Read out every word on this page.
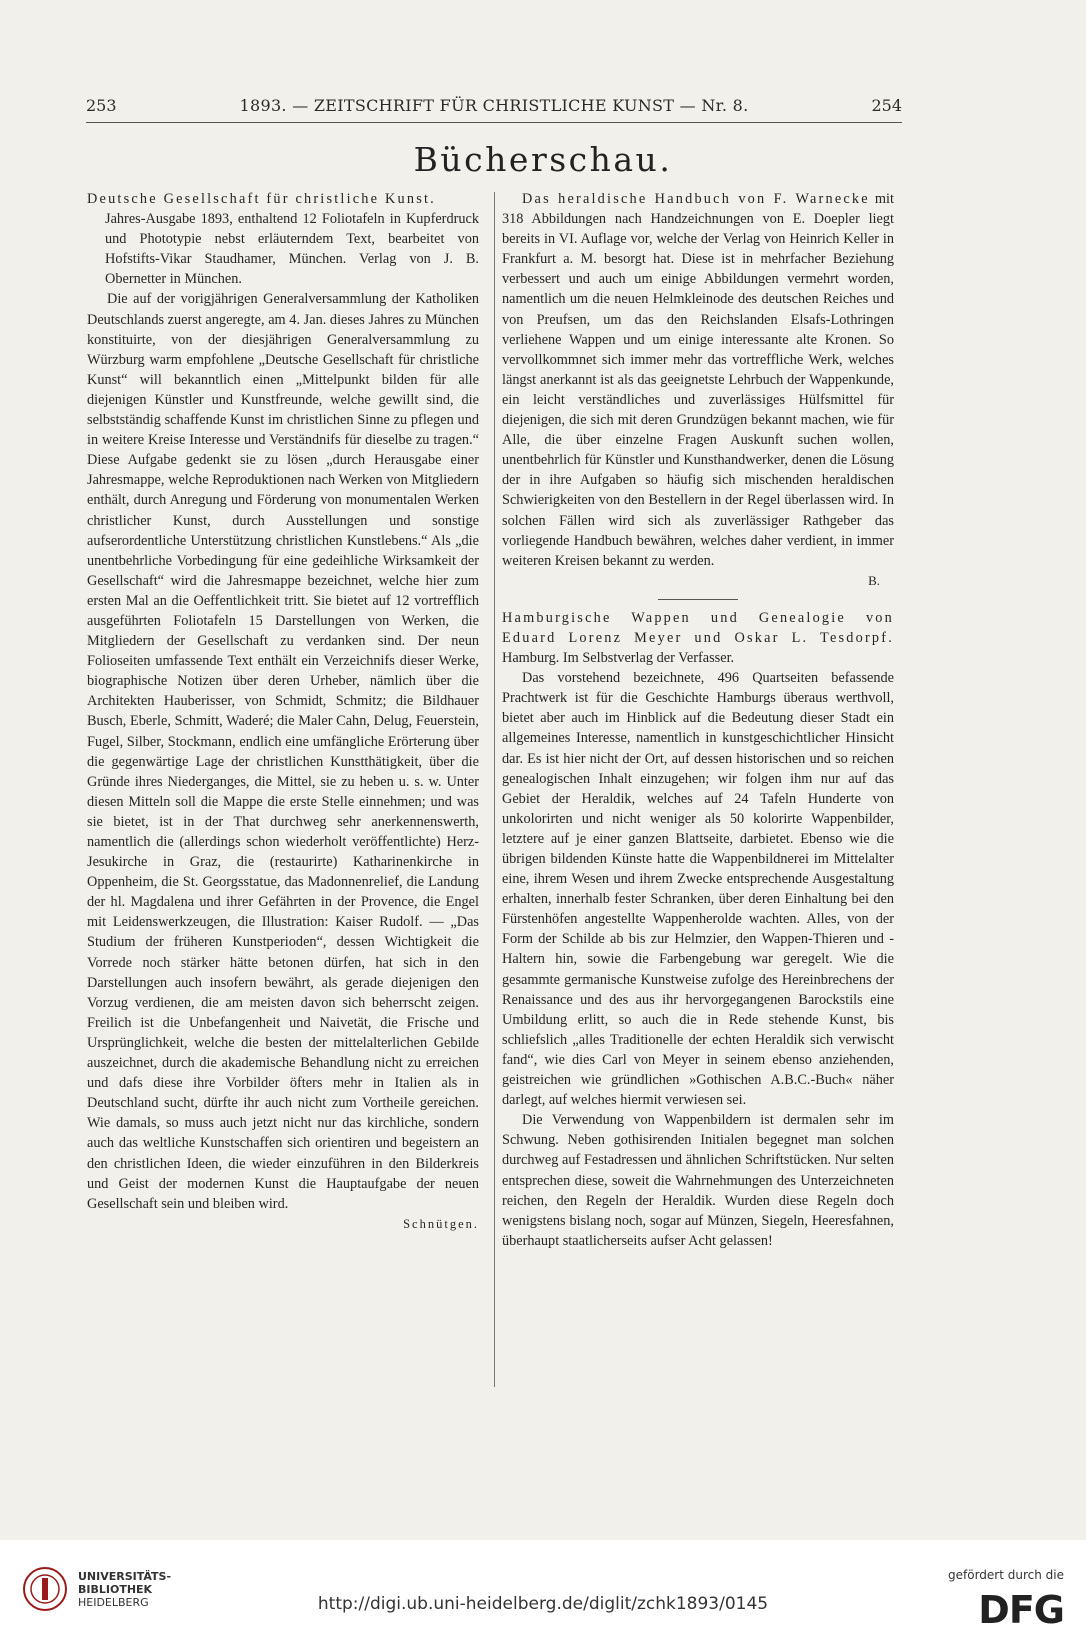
253	1893. — ZEITSCHRIFT FÜR CHRISTLICHE KUNST — Nr. 8.	254
Bücherschau.

Deutsche Gesellschaft für christliche Kunst.

Jahres-Ausgabe 1893, enthaltend 12 Foliotafeln in Kupferdruck und Phototypie nebst erläuterndem Text, bearbeitet von Hofstifts-Vikar Staudhamer, München. Verlag von J. B. Obernetter in München.

Die auf der vorigjährigen Generalversammlung der Katholiken Deutschlands zuerst angeregte, am 4. Jan. dieses Jahres zu München konstituirte, von der diesjährigen Generalversammlung zu Würzburg warm empfohlene „Deutsche Gesellschaft für christliche Kunst“ will bekanntlich einen „Mittelpunkt bilden für alle diejenigen Künstler und Kunstfreunde, welche gewillt sind, die selbstständig schaffende Kunst im christlichen Sinne zu pflegen und in weitere Kreise Interesse und Verständnifs für dieselbe zu tragen.“ Diese Aufgabe gedenkt sie zu lösen „durch Herausgabe einer Jahresmappe, welche Reproduktionen nach Werken von Mitgliedern enthält, durch Anregung und Förderung von monumentalen Werken christlicher Kunst, durch Ausstellungen und sonstige aufserordentliche Unterstützung christlichen Kunstlebens.“ Als „die unentbehrliche Vorbedingung für eine gedeihliche Wirksamkeit der Gesellschaft“ wird die Jahresmappe bezeichnet, welche hier zum ersten Mal an die Oeffentlichkeit tritt. Sie bietet auf 12 vortrefflich ausgeführten Foliotafeln 15 Darstellungen von Werken, die Mitgliedern der Gesellschaft zu verdanken sind. Der neun Folioseiten umfassende Text enthält ein Verzeichnifs dieser Werke, biographische Notizen über deren Urheber, nämlich über die Architekten Hauberisser, von Schmidt, Schmitz; die Bildhauer Busch, Eberle, Schmitt, Waderé; die Maler Cahn, Delug, Feuerstein, Fugel, Silber, Stockmann, endlich eine umfängliche Erörterung über die gegenwärtige Lage der christlichen Kunstthätigkeit, über die Gründe ihres Niederganges, die Mittel, sie zu heben u. s. w. Unter diesen Mitteln soll die Mappe die erste Stelle einnehmen; und was sie bietet, ist in der That durchweg sehr anerkennenswerth, namentlich die (allerdings schon wiederholt veröffentlichte) Herz-Jesukirche in Graz, die (restaurirte) Katharinenkirche in Oppenheim, die St. Georgsstatue, das Madonnenrelief, die Landung der hl. Magdalena und ihrer Gefährten in der Provence, die Engel mit Leidenswerkzeugen, die Illustration: Kaiser Rudolf. — „Das Studium der früheren Kunstperioden“, dessen Wichtigkeit die Vorrede noch stärker hätte betonen dürfen, hat sich in den Darstellungen auch insofern bewährt, als gerade diejenigen den Vorzug verdienen, die am meisten davon sich beherrscht zeigen. Freilich ist die Unbefangenheit und Naivetät, die Frische und Ursprünglichkeit, welche die besten der mittelalterlichen Gebilde auszeichnet, durch die akademische Behandlung nicht zu erreichen und dafs diese ihre Vorbilder öfters mehr in Italien als in Deutschland sucht, dürfte ihr auch nicht zum Vortheile gereichen. Wie damals, so muss auch jetzt nicht nur das kirchliche, sondern auch das weltliche Kunstschaffen sich orientiren und begeistern an den christlichen Ideen, die wieder einzuführen in den Bilderkreis und Geist der modernen Kunst die Hauptaufgabe der neuen Gesellschaft sein und bleiben wird.

Schnütgen.

Das heraldische Handbuch von F. Warnecke mit 318 Abbildungen nach Handzeichnungen von E. Doepler liegt bereits in VI. Auflage vor, welche der Verlag von Heinrich Keller in Frankfurt a. M. besorgt hat. Diese ist in mehrfacher Beziehung verbessert und auch um einige Abbildungen vermehrt worden, namentlich um die neuen Helmkleinode des deutschen Reiches und von Preufsen, um das den Reichslanden Elsafs-Lothringen verliehene Wappen und um einige interessante alte Kronen. So vervollkommnet sich immer mehr das vortreffliche Werk, welches längst anerkannt ist als das geeignetste Lehrbuch der Wappenkunde, ein leicht verständliches und zuverlässiges Hülfsmittel für diejenigen, die sich mit deren Grundzügen bekannt machen, wie für Alle, die über einzelne Fragen Auskunft suchen wollen, unentbehrlich für Künstler und Kunsthandwerker, denen die Lösung der in ihre Aufgaben so häufig sich mischenden heraldischen Schwierigkeiten von den Bestellern in der Regel überlassen wird. In solchen Fällen wird sich als zuverlässiger Rathgeber das vorliegende Handbuch bewähren, welches daher verdient, in immer weiteren Kreisen bekannt zu werden.

B.

Hamburgische Wappen und Genealogie von Eduard Lorenz Meyer und Oskar L. Tesdorpf. Hamburg. Im Selbstverlag der Verfasser.

Das vorstehend bezeichnete, 496 Quartseiten befassende Prachtwerk ist für die Geschichte Hamburgs überaus werthvoll, bietet aber auch im Hinblick auf die Bedeutung dieser Stadt ein allgemeines Interesse, namentlich in kunstgeschichtlicher Hinsicht dar. Es ist hier nicht der Ort, auf dessen historischen und so reichen genealogischen Inhalt einzugehen; wir folgen ihm nur auf das Gebiet der Heraldik, welches auf 24 Tafeln Hunderte von unkolorirten und nicht weniger als 50 kolorirte Wappenbilder, letztere auf je einer ganzen Blattseite, darbietet. Ebenso wie die übrigen bildenden Künste hatte die Wappenbildnerei im Mittelalter eine, ihrem Wesen und ihrem Zwecke entsprechende Ausgestaltung erhalten, innerhalb fester Schranken, über deren Einhaltung bei den Fürstenhöfen angestellte Wappenherolde wachten. Alles, von der Form der Schilde ab bis zur Helmzier, den Wappen-Thieren und -Haltern hin, sowie die Farbengebung war geregelt. Wie die gesammte germanische Kunstweise zufolge des Hereinbrechens der Renaissance und des aus ihr hervorgegangenen Barockstils eine Umbildung erlitt, so auch die in Rede stehende Kunst, bis schliefslich „alles Traditionelle der echten Heraldik sich verwischt fand“, wie dies Carl von Meyer in seinem ebenso anziehenden, geistreichen wie gründlichen »Gothischen A.B.C.-Buch« näher darlegt, auf welches hiermit verwiesen sei.

Die Verwendung von Wappenbildern ist dermalen sehr im Schwung. Neben gothisirenden Initialen begegnet man solchen durchweg auf Festadressen und ähnlichen Schriftstücken. Nur selten entsprechen diese, soweit die Wahrnehmungen des Unterzeichneten reichen, den Regeln der Heraldik. Wurden diese Regeln doch wenigstens bislang noch, sogar auf Münzen, Siegeln, Heeresfahnen, überhaupt staatlicherseits aufser Acht gelassen!

UNIVERSITÄTS-
BIBLIOTHEK
HEIDELBERG	http://digi.ub.uni-heidelberg.de/diglit/zchk1893/0145
gefördert durch die
DFG
